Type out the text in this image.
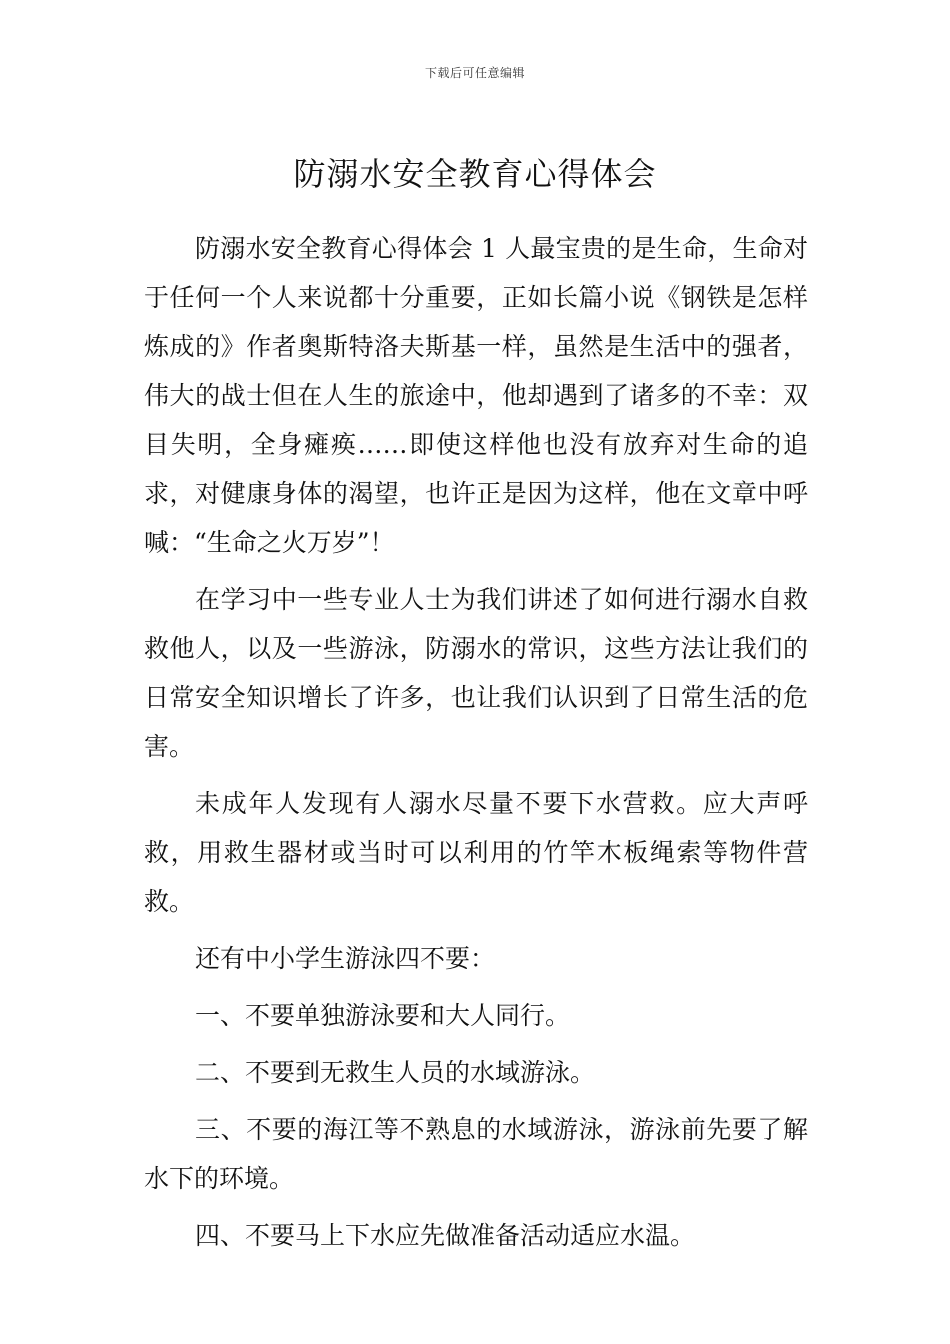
下载后可任意编辑
防溺水安全教育心得体会

防溺水安全教育心得体会 1 人最宝贵的是生命，生命对于任何一个人来说都十分重要，正如长篇小说《钢铁是怎样炼成的》作者奥斯特洛夫斯基一样，虽然是生活中的强者，伟大的战士但在人生的旅途中，他却遇到了诸多的不幸：双目失明，全身瘫痪……即使这样他也没有放弃对生命的追求，对健康身体的渴望，也许正是因为这样，他在文章中呼喊：“生命之火万岁”！

在学习中一些专业人士为我们讲述了如何进行溺水自救救他人，以及一些游泳，防溺水的常识，这些方法让我们的日常安全知识增长了许多，也让我们认识到了日常生活的危害。

未成年人发现有人溺水尽量不要下水营救。应大声呼救，用救生器材或当时可以利用的竹竿木板绳索等物件营救。

还有中小学生游泳四不要：

一、不要单独游泳要和大人同行。

二、不要到无救生人员的水域游泳。

三、不要的海江等不熟息的水域游泳，游泳前先要了解水下的环境。

四、不要马上下水应先做准备活动适应水温。
